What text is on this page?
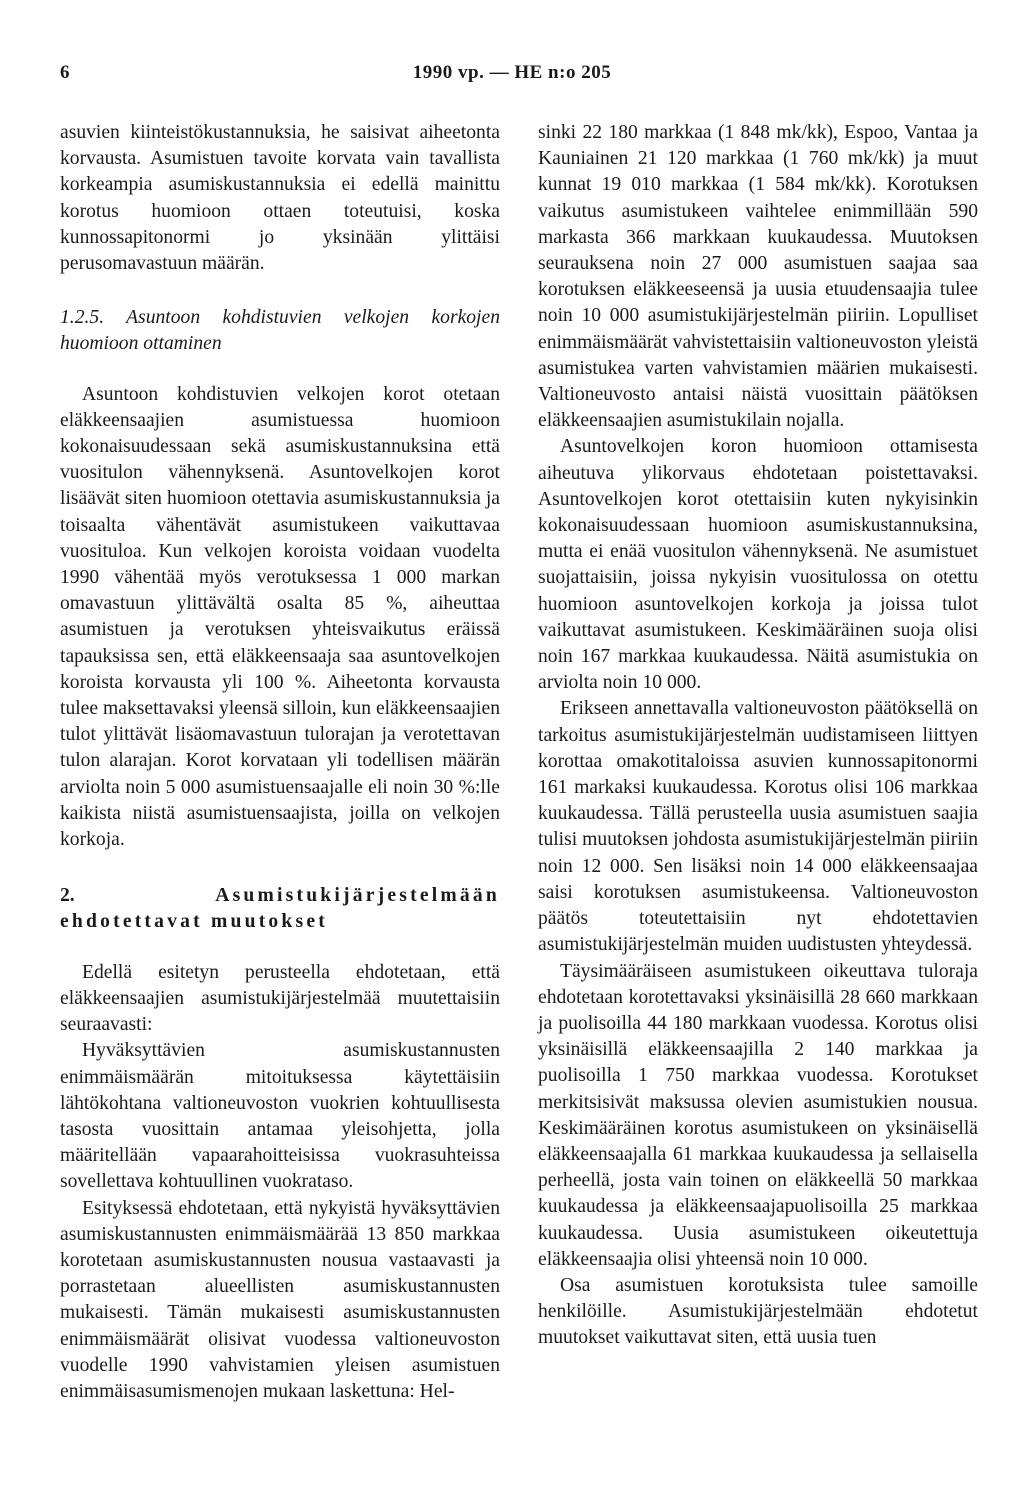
6	1990 vp. — HE n:o 205

asuvien kiinteistökustannuksia, he saisivat aiheetonta korvausta. Asumistuen tavoite korvata vain tavallista korkeampia asumiskustannuksia ei edellä mainittu korotus huomioon ottaen toteutuisi, koska kunnossapitonormi jo yksinään ylittäisi perusomavastuun määrän.

1.2.5. Asuntoon kohdistuvien velkojen korkojen huomioon ottaminen

Asuntoon kohdistuvien velkojen korot otetaan eläkkeensaajien asumistuessa huomioon kokonaisuudessaan sekä asumiskustannuksina että vuositulon vähennyksenä. Asuntovelkojen korot lisäävät siten huomioon otettavia asumiskustannuksia ja toisaalta vähentävät asumistukeen vaikuttavaa vuosituloa. Kun velkojen koroista voidaan vuodelta 1990 vähentää myös verotuksessa 1 000 markan omavastuun ylittävältä osalta 85 %, aiheuttaa asumistuen ja verotuksen yhteisvaikutus eräissä tapauksissa sen, että eläkkeensaaja saa asuntovelkojen koroista korvausta yli 100 %. Aiheetonta korvausta tulee maksettavaksi yleensä silloin, kun eläkkeensaajien tulot ylittävät lisäomavastuun tulorajan ja verotettavan tulon alarajan. Korot korvataan yli todellisen määrän arviolta noin 5 000 asumistuensaajalle eli noin 30 %:lle kaikista niistä asumistuensaajista, joilla on velkojen korkoja.

2.	Asumistukijärjestelmään ehdotettavat muutokset

Edellä esitetyn perusteella ehdotetaan, että eläkkeensaajien asumistukijärjestelmää muutettaisiin seuraavasti:

Hyväksyttävien asumiskustannusten enimmäismäärän mitoituksessa käytettäisiin lähtökohtana valtioneuvoston vuokrien kohtuullisesta tasosta vuosittain antamaa yleisohjetta, jolla määritellään vapaarahoitteisissa vuokrasuhteissa sovellettava kohtuullinen vuokrataso.

Esityksessä ehdotetaan, että nykyistä hyväksyttävien asumiskustannusten enimmäismäärää 13 850 markkaa korotetaan asumiskustannusten nousua vastaavasti ja porrastetaan alueellisten asumiskustannusten mukaisesti. Tämän mukaisesti asumiskustannusten enimmäismäärät olisivat vuodessa valtioneuvoston vuodelle 1990 vahvistamien yleisen asumistuen enimmäisasumismenojen mukaan laskettuna: Hel-

sinki 22 180 markkaa (1 848 mk/kk), Espoo, Vantaa ja Kauniainen 21 120 markkaa (1 760 mk/kk) ja muut kunnat 19 010 markkaa (1 584 mk/kk). Korotuksen vaikutus asumistukeen vaihtelee enimmillään 590 markasta 366 markkaan kuukaudessa. Muutoksen seurauksena noin 27 000 asumistuen saajaa saa korotuksen eläkkeeseensä ja uusia etuudensaajia tulee noin 10 000 asumistukijärjestelmän piiriin. Lopulliset enimmäismäärät vahvistettaisiin valtioneuvoston yleistä asumistukea varten vahvistamien määrien mukaisesti. Valtioneuvosto antaisi näistä vuosittain päätöksen eläkkeensaajien asumistukilain nojalla.

Asuntovelkojen koron huomioon ottamisesta aiheutuva ylikorvaus ehdotetaan poistettavaksi. Asuntovelkojen korot otettaisiin kuten nykyisinkin kokonaisuudessaan huomioon asumiskustannuksina, mutta ei enää vuositulon vähennyksenä. Ne asumistuet suojattaisiin, joissa nykyisin vuositulossa on otettu huomioon asuntovelkojen korkoja ja joissa tulot vaikuttavat asumistukeen. Keskimääräinen suoja olisi noin 167 markkaa kuukaudessa. Näitä asumistukia on arviolta noin 10 000.

Erikseen annettavalla valtioneuvoston päätöksellä on tarkoitus asumistukijärjestelmän uudistamiseen liittyen korottaa omakotitaloissa asuvien kunnossapitonormi 161 markaksi kuukaudessa. Korotus olisi 106 markkaa kuukaudessa. Tällä perusteella uusia asumistuen saajia tulisi muutoksen johdosta asumistukijärjestelmän piiriin noin 12 000. Sen lisäksi noin 14 000 eläkkeensaajaa saisi korotuksen asumistukeensa. Valtioneuvoston päätös toteutettaisiin nyt ehdotettavien asumistukijärjestelmän muiden uudistusten yhteydessä.

Täysimääräiseen asumistukeen oikeuttava tuloraja ehdotetaan korotettavaksi yksinäisillä 28 660 markkaan ja puolisoilla 44 180 markkaan vuodessa. Korotus olisi yksinäisillä eläkkeensaajilla 2 140 markkaa ja puolisoilla 1 750 markkaa vuodessa. Korotukset merkitsisivät maksussa olevien asumistukien nousua. Keskimääräinen korotus asumistukeen on yksinäisellä eläkkeensaajalla 61 markkaa kuukaudessa ja sellaisella perheellä, josta vain toinen on eläkkeellä 50 markkaa kuukaudessa ja eläkkeensaajapuolisoilla 25 markkaa kuukaudessa. Uusia asumistukeen oikeutettuja eläkkeensaajia olisi yhteensä noin 10 000.

Osa asumistuen korotuksista tulee samoille henkilöille. Asumistukijärjestelmään ehdotetut muutokset vaikuttavat siten, että uusia tuen
